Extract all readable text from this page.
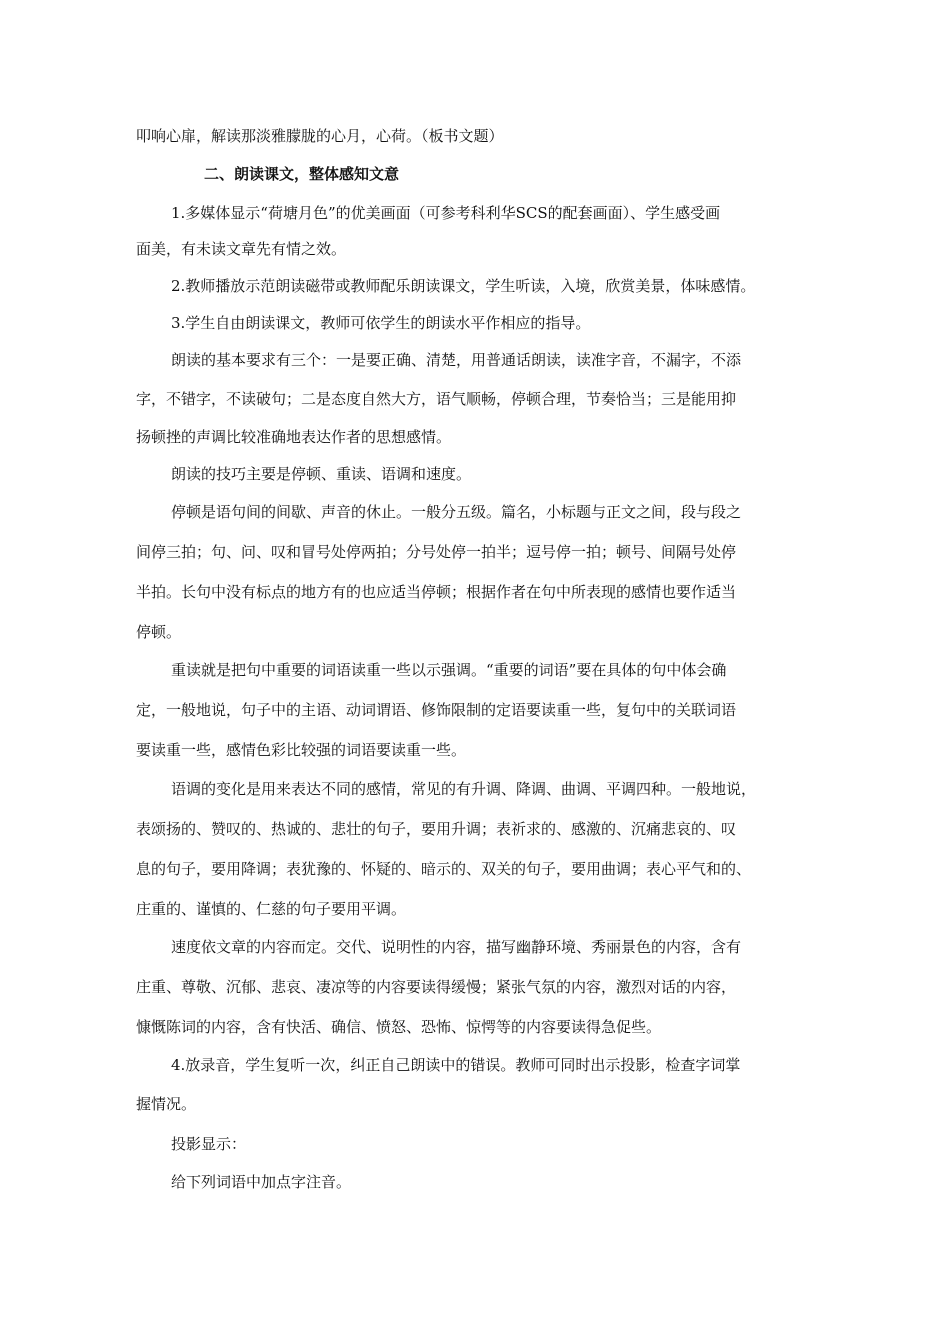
叩响心扉，解读那淡雅朦胧的心月，心荷。（板书文题）
二、朗读课文，整体感知文意
1.多媒体显示“荷塘月色”的优美画面（可参考科利华SCS的配套画面）、学生感受画
面美，有未读文章先有情之效。
2.教师播放示范朗读磁带或教师配乐朗读课文，学生听读，入境，欣赏美景，体味感情。
3.学生自由朗读课文，教师可依学生的朗读水平作相应的指导。
朗读的基本要求有三个：一是要正确、清楚，用普通话朗读，读准字音，不漏字，不添
字，不错字，不读破句；二是态度自然大方，语气顺畅，停顿合理，节奏恰当；三是能用抑
扬顿挫的声调比较准确地表达作者的思想感情。
朗读的技巧主要是停顿、重读、语调和速度。
停顿是语句间的间歇、声音的休止。一般分五级。篇名，小标题与正文之间，段与段之
间停三拍；句、问、叹和冒号处停两拍；分号处停一拍半；逗号停一拍；顿号、间隔号处停
半拍。长句中没有标点的地方有的也应适当停顿；根据作者在句中所表现的感情也要作适当
停顿。
重读就是把句中重要的词语读重一些以示强调。“重要的词语”要在具体的句中体会确
定，一般地说，句子中的主语、动词谓语、修饰限制的定语要读重一些，复句中的关联词语
要读重一些，感情色彩比较强的词语要读重一些。
语调的变化是用来表达不同的感情，常见的有升调、降调、曲调、平调四种。一般地说，
表颂扬的、赞叹的、热诚的、悲壮的句子，要用升调；表祈求的、感激的、沉痛悲哀的、叹
息的句子，要用降调；表犹豫的、怀疑的、暗示的、双关的句子，要用曲调；表心平气和的、
庄重的、谨慎的、仁慈的句子要用平调。
速度依文章的内容而定。交代、说明性的内容，描写幽静环境、秀丽景色的内容，含有
庄重、尊敬、沉郁、悲哀、凄凉等的内容要读得缓慢；紧张气氛的内容，激烈对话的内容，
慷慨陈词的内容，含有快活、确信、愤怒、恐怖、惊愕等的内容要读得急促些。
4.放录音，学生复听一次，纠正自己朗读中的错误。教师可同时出示投影，检查字词掌
握情况。
投影显示：
给下列词语中加点字注音。
